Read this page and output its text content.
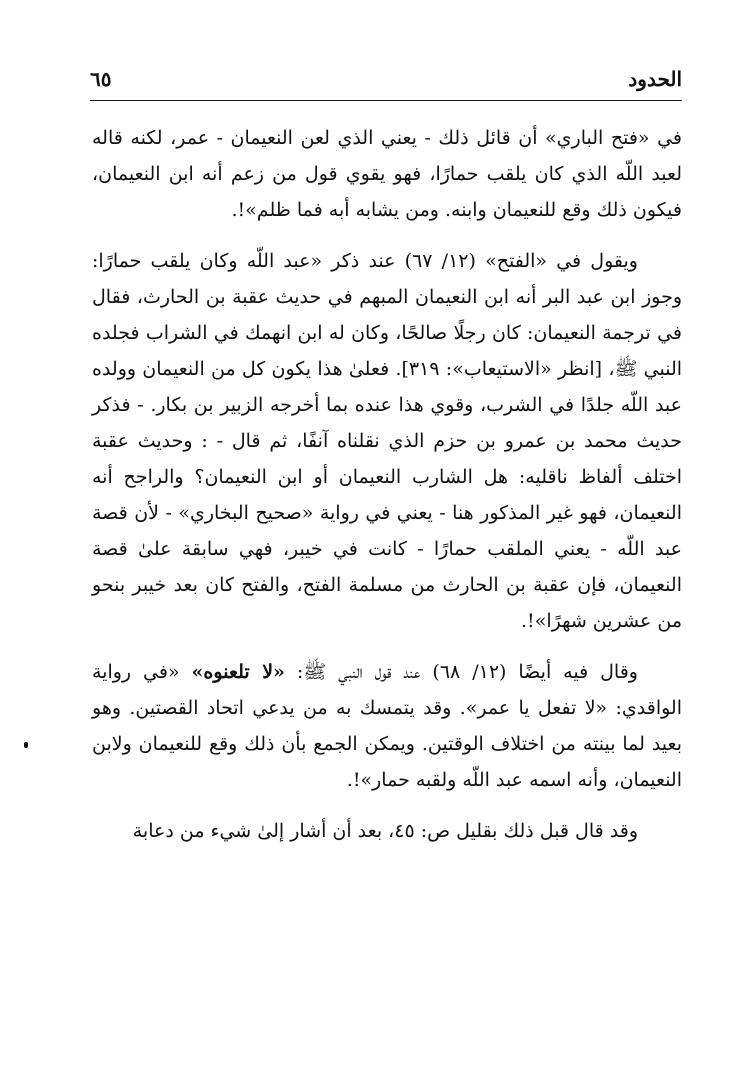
الحدود
٦٥

في «فتح الباري» أن قائل ذلك - يعني الذي لعن النعيمان - عمر، لكنه قاله لعبد اللّه الذي كان يلقب حمارًا، فهو يقوي قول من زعم أنه ابن النعيمان، فيكون ذلك وقع للنعيمان وابنه. ومن يشابه أبه فما ظلم»!.

ويقول في «الفتح» (١٢/ ٦٧) عند ذكر «عبد اللّه وكان يلقب حمارًا: وجوز ابن عبد البر أنه ابن النعيمان المبهم في حديث عقبة بن الحارث، فقال في ترجمة النعيمان: كان رجلًا صالحًا، وكان له ابن انهمك في الشراب فجلده النبي ﷺ، [انظر «الاستيعاب»: ٣١٩]. فعلىٰ هذا يكون كل من النعيمان وولده عبد اللّه جلدًا في الشرب، وقوي هذا عنده بما أخرجه الزبير بن بكار. - فذكر حديث محمد بن عمرو بن حزم الذي نقلناه آنفًا، ثم قال - : وحديث عقبة اختلف ألفاظ ناقليه: هل الشارب النعيمان أو ابن النعيمان؟ والراجح أنه النعيمان، فهو غير المذكور هنا - يعني في رواية «صحيح البخاري» - لأن قصة عبد اللّه - يعني الملقب حمارًا - كانت في خيبر، فهي سابقة علىٰ قصة النعيمان، فإن عقبة بن الحارث من مسلمة الفتح، والفتح كان بعد خيبر بنحو من عشرين شهرًا»!.

وقال فيه أيضًا (١٢/ ٦٨) عند قول النبي ﷺ: «لا تلعنوه» «في رواية الواقدي: «لا تفعل يا عمر». وقد يتمسك به من يدعي اتحاد القصتين. وهو بعيد لما بينته من اختلاف الوقتين. ويمكن الجمع بأن ذلك وقع للنعيمان ولابن النعيمان، وأنه اسمه عبد اللّه ولقبه حمار»!.

وقد قال قبل ذلك بقليل ص: ٤٥، بعد أن أشار إلىٰ شيء من دعابة
